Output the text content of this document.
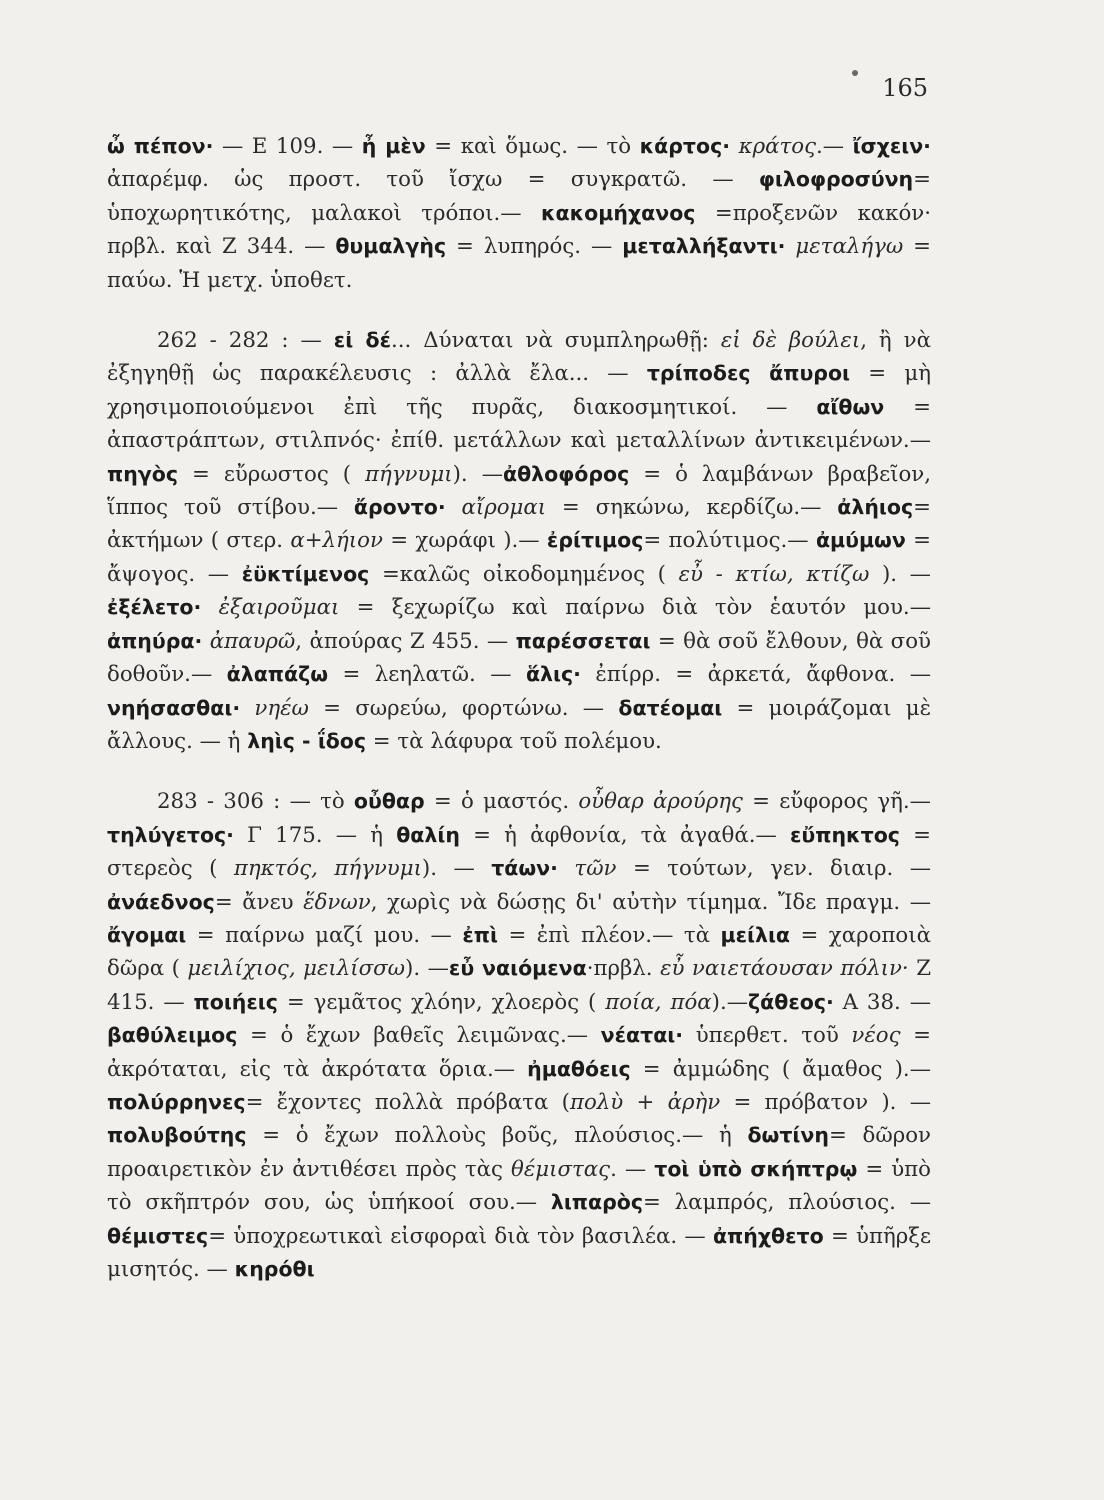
165

ὦ πέπον· — Ε 109. — ἦ μὲν = καὶ ὅμως. — τὸ κάρτος· κράτος.— ἴσχειν· ἀπαρέμφ. ὡς προστ. τοῦ ἴσχω = συγκρατῶ. — φιλοφροσύνη= ὑποχωρητικότης, μαλακοὶ τρόποι.— κακομήχανος =προξενῶν κακόν· πρβλ. καὶ Ζ 344. — θυμαλγὴς = λυπηρός. — μεταλλήξαντι· μεταλήγω = παύω. Ἡ μετχ. ὑποθετ.

262 - 282 : — εἰ δέ... Δύναται νὰ συμπληρωθῇ: εἰ δὲ βούλει, ἢ νὰ ἐξηγηθῇ ὡς παρακέλευσις : ἀλλὰ ἔλα... — τρίποδες ἄπυροι = μὴ χρησιμοποιούμενοι ἐπὶ τῆς πυρᾶς, διακοσμητικοί. — αἴθων = ἀπαστράπτων, στιλπνός· ἐπίθ. μετάλλων καὶ μεταλλίνων ἀντικειμένων.— πηγὸς = εὔρωστος ( πήγνυμι). —ἀθλοφόρος = ὁ λαμβάνων βραβεῖον, ἵππος τοῦ στίβου.— ἄροντο· αἴρομαι = σηκώνω, κερδίζω.— ἀλήιος= ἀκτήμων ( στερ. α+λήιον = χωράφι ).— ἐρίτιμος= πολύτιμος.— ἀμύμων = ἄψογος. — ἐϋκτίμενος =καλῶς οἰκοδομημένος ( εὖ - κτίω, κτίζω ). — ἐξέλετο· ἐξαιροῦμαι = ξεχωρίζω καὶ παίρνω διὰ τὸν ἑαυτόν μου.— ἀπηύρα· ἀπαυρῶ, ἀπούρας Ζ 455. — παρέσσεται = θὰ σοῦ ἔλθουν, θὰ σοῦ δοθοῦν.— ἀλαπάζω = λεηλατῶ. — ἅλις· ἐπίρρ. = ἀρκετά, ἄφθονα. — νηήσασθαι· νηέω = σωρεύω, φορτώνω. — δατέομαι = μοιράζομαι μὲ ἄλλους. — ἡ ληὶς - ΐδος = τὰ λάφυρα τοῦ πολέμου.

283 - 306 : — τὸ οὖθαρ = ὁ μαστός. οὖθαρ ἀρούρης = εὔφορος γῆ.— τηλύγετος· Γ 175. — ἡ θαλίη = ἡ ἀφθονία, τὰ ἀγαθά.— εὔπηκτος = στερεὸς ( πηκτός, πήγνυμι). — τάων· τῶν = τούτων, γεν. διαιρ. — ἀνάεδνος= ἄνευ ἕδνων, χωρὶς νὰ δώσῃς δι' αὐτὴν τίμημα. Ἴδε πραγμ. — ἄγομαι = παίρνω μαζί μου. — ἐπὶ = ἐπὶ πλέον.— τὰ μείλια = χαροποιὰ δῶρα ( μειλίχιος, μειλίσσω). —εὖ ναιόμενα·πρβλ. εὖ ναιετάουσαν πόλιν· Ζ 415. — ποιήεις = γεμᾶτος χλόην, χλοερὸς ( ποία, πόα).—ζάθεος· Α 38. — βαθύλειμος = ὁ ἔχων βαθεῖς λειμῶνας.— νέαται· ὑπερθετ. τοῦ νέος = ἀκρόταται, εἰς τὰ ἀκρότατα ὅρια.— ἠμαθόεις = ἀμμώδης ( ἄμαθος ).— πολύρρηνες= ἔχοντες πολλὰ πρόβατα (πολὺ + ἀρὴν = πρόβατον ). — πολυβούτης = ὁ ἔχων πολλοὺς βοῦς, πλούσιος.— ἡ δωτίνη= δῶρον προαιρετικὸν ἐν ἀντιθέσει πρὸς τὰς θέμιστας. — τοὶ ὑπὸ σκήπτρῳ = ὑπὸ τὸ σκῆπτρόν σου, ὡς ὑπήκοοί σου.— λιπαρὸς= λαμπρός, πλούσιος. — θέμιστες= ὑποχρεωτικαὶ εἰσφοραὶ διὰ τὸν βασιλέα. — ἀπήχθετο = ὑπῆρξε μισητός. — κηρόθι
